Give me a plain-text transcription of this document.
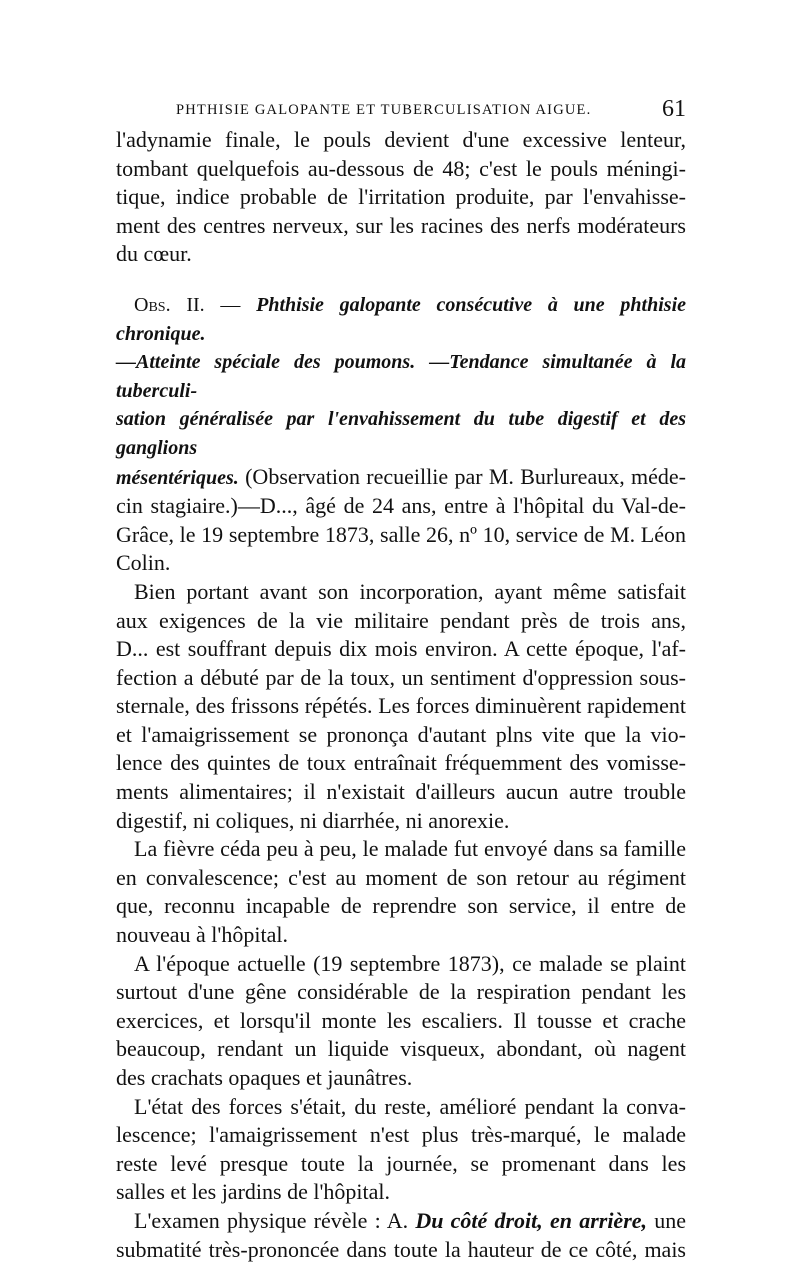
PHTHISIE GALOPANTE ET TUBERCULISATION AIGUE.	61

l'adynamie finale, le pouls devient d'une excessive lenteur,

tombant quelquefois au-dessous de 48; c'est le pouls méningi-

tique, indice probable de l'irritation produite, par l'envahisse-

ment des centres nerveux, sur les racines des nerfs modérateurs

du cœur.

Obs. II. — Phthisie galopante consécutive à une phthisie chronique.

—Atteinte spéciale des poumons. —Tendance simultanée à la tuberculi-

sation généralisée par l'envahissement du tube digestif et des ganglions

mésentériques. (Observation recueillie par M. Burlureaux, méde-

cin stagiaire.)—D..., âgé de 24 ans, entre à l'hôpital du Val-de-

Grâce, le 19 septembre 1873, salle 26, nº 10, service de M. Léon

Colin.

Bien portant avant son incorporation, ayant même satisfait

aux exigences de la vie militaire pendant près de trois ans,

D... est souffrant depuis dix mois environ. A cette époque, l'af-

fection a débuté par de la toux, un sentiment d'oppression sous-

sternale, des frissons répétés. Les forces diminuèrent rapidement

et l'amaigrissement se prononça d'autant plns vite que la vio-

lence des quintes de toux entraînait fréquemment des vomisse-

ments alimentaires; il n'existait d'ailleurs aucun autre trouble

digestif, ni coliques, ni diarrhée, ni anorexie.

La fièvre céda peu à peu, le malade fut envoyé dans sa famille

en convalescence; c'est au moment de son retour au régiment

que, reconnu incapable de reprendre son service, il entre de

nouveau à l'hôpital.

A l'époque actuelle (19 septembre 1873), ce malade se plaint

surtout d'une gêne considérable de la respiration pendant les

exercices, et lorsqu'il monte les escaliers. Il tousse et crache

beaucoup, rendant un liquide visqueux, abondant, où nagent

des crachats opaques et jaunâtres.

L'état des forces s'était, du reste, amélioré pendant la conva-

lescence; l'amaigrissement n'est plus très-marqué, le malade

reste levé presque toute la journée, se promenant dans les

salles et les jardins de l'hôpital.

L'examen physique révèle : A. Du côté droit, en arrière, une

submatité très-prononcée dans toute la hauteur de ce côté, mais
